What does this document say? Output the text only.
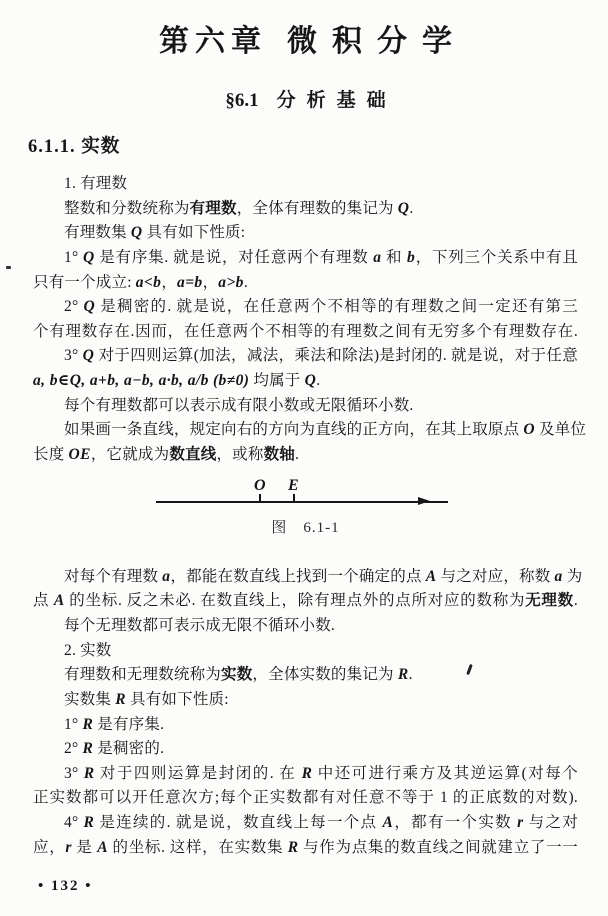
第六章 微积分学
§6.1 分析基础
6.1.1. 实数
1. 有理数
整数和分数统称为有理数，全体有理数的集记为 Q.
有理数集 Q 具有如下性质:
1° Q 是有序集. 就是说，对任意两个有理数 a 和 b，下列三个关系中有且
只有一个成立: a<b，a=b，a>b.
2° Q 是稠密的. 就是说，在任意两个不相等的有理数之间一定还有第三
个有理数存在.因而，在任意两个不相等的有理数之间有无穷多个有理数存在.
3° Q 对于四则运算(加法，减法，乘法和除法)是封闭的. 就是说，对于任意
a, b∈Q, a+b, a−b, a·b, a/b (b≠0) 均属于 Q.
每个有理数都可以表示成有限小数或无限循环小数.
如果画一条直线，规定向右的方向为直线的正方向，在其上取原点 O 及单位
长度 OE，它就成为数直线，或称数轴.
O E
图　6.1-1
对每个有理数 a，都能在数直线上找到一个确定的点 A 与之对应，称数 a 为
点 A 的坐标. 反之未必. 在数直线上，除有理点外的点所对应的数称为无理数.
每个无理数都可表示成无限不循环小数.
2. 实数
有理数和无理数统称为实数，全体实数的集记为 R.
实数集 R 具有如下性质:
1° R 是有序集.
2° R 是稠密的.
3° R 对于四则运算是封闭的. 在 R 中还可进行乘方及其逆运算(对每个
正实数都可以开任意次方;每个正实数都有对任意不等于 1 的正底数的对数).
4° R 是连续的. 就是说，数直线上每一个点 A，都有一个实数 r 与之对
应，r 是 A 的坐标. 这样，在实数集 R 与作为点集的数直线之间就建立了一一
• 132 •
